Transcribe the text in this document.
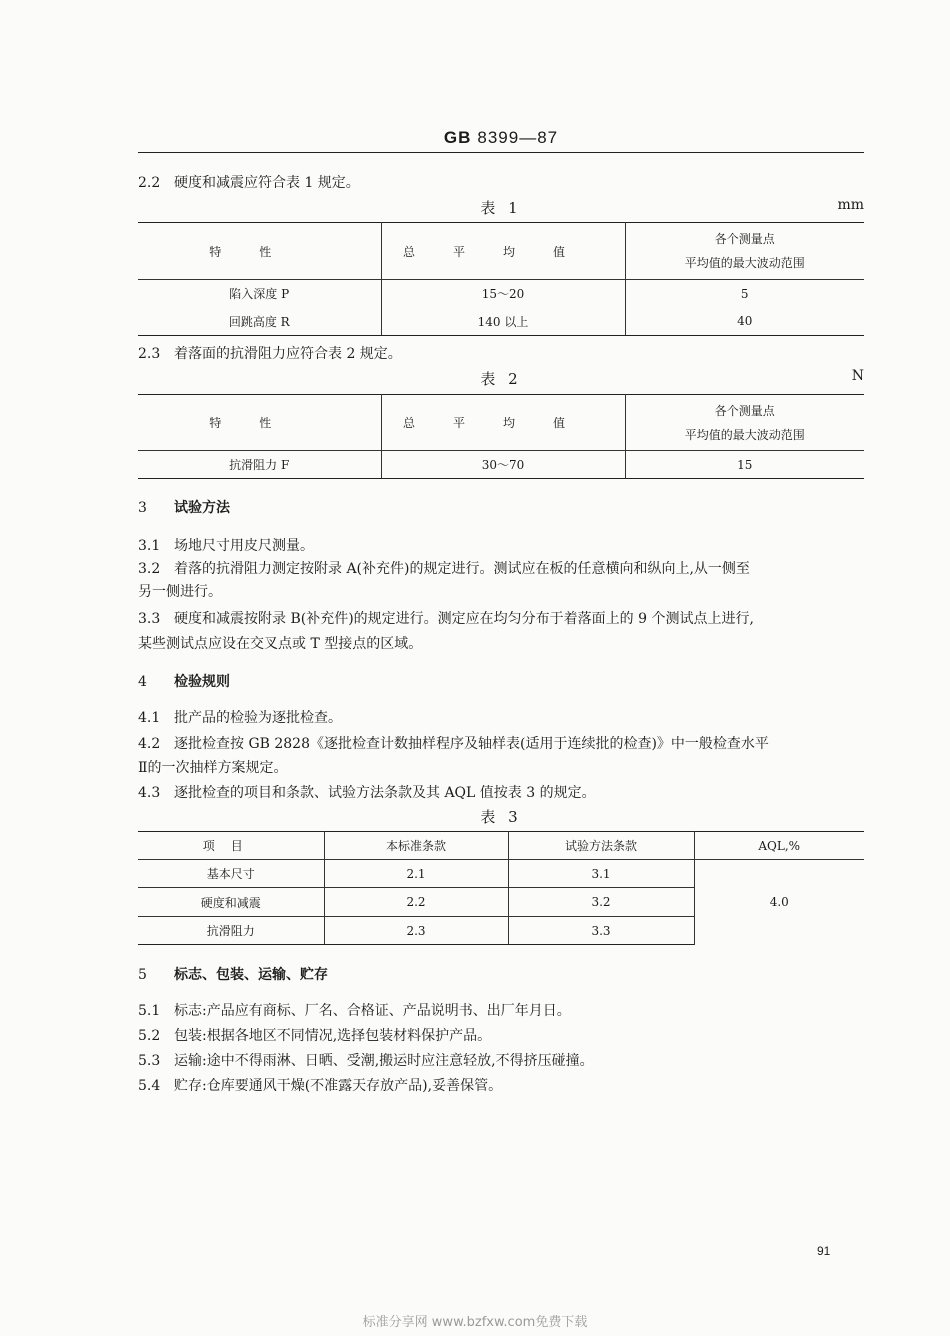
GB 8399—87
2.2 硬度和减震应符合表 1 规定。
表 1	mm
特性	总平均值	各个测量点
平均值的最大波动范围

陷入深度 P	15～20	5
回跳高度 R	140 以上	40
2.3 着落面的抗滑阻力应符合表 2 规定。
表 2	N
特性	总平均值	各个测量点
平均值的最大波动范围

抗滑阻力 F	30～70	15
3 试验方法
3.1 场地尺寸用皮尺测量。
3.2 着落的抗滑阻力测定按附录 A(补充件)的规定进行。测试应在板的任意横向和纵向上,从一侧至
另一侧进行。
3.3 硬度和减震按附录 B(补充件)的规定进行。测定应在均匀分布于着落面上的 9 个测试点上进行,
某些测试点应设在交叉点或 T 型接点的区域。
4 检验规则
4.1 批产品的检验为逐批检查。
4.2 逐批检查按 GB 2828《逐批检查计数抽样程序及轴样表(适用于连续批的检查)》中一般检查水平
Ⅱ的一次抽样方案规定。
4.3 逐批检查的项目和条款、试验方法条款及其 AQL 值按表 3 的规定。
表 3
项目	本标准条款	试验方法条款	AQL,%
基本尺寸	2.1	3.1	4.0
硬度和减震	2.2	3.2	
抗滑阻力	2.3	3.3	
5 标志、包装、运输、贮存
5.1 标志:产品应有商标、厂名、合格证、产品说明书、出厂年月日。
5.2 包装:根据各地区不同情况,选择包装材料保护产品。
5.3 运输:途中不得雨淋、日晒、受潮,搬运时应注意轻放,不得挤压碰撞。
5.4 贮存:仓库要通风干燥(不准露天存放产品),妥善保管。
91
标准分享网 www.bzfxw.com免费下载
